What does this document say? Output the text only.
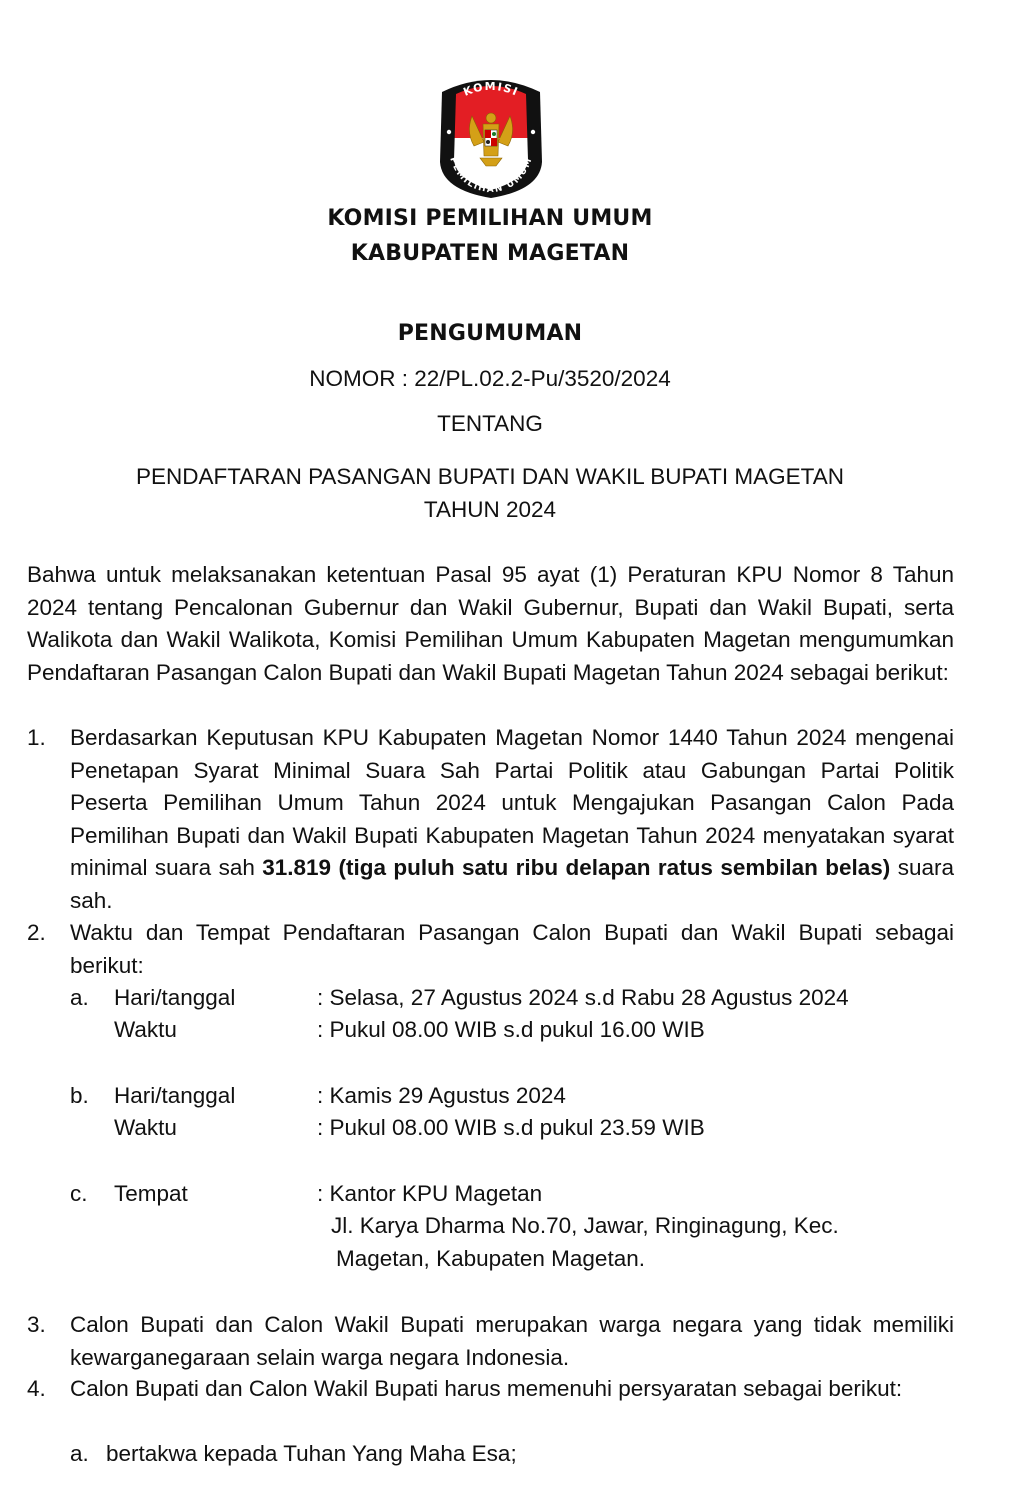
KOMISI
PEMILIHAN UMUM
KOMISI PEMILIHAN UMUM
KABUPATEN MAGETAN
PENGUMUMAN
NOMOR : 22/PL.02.2-Pu/3520/2024
TENTANG
PENDAFTARAN PASANGAN BUPATI DAN WAKIL BUPATI MAGETAN
TAHUN 2024
Bahwa untuk melaksanakan ketentuan Pasal 95 ayat (1) Peraturan KPU Nomor 8 Tahun 2024 tentang Pencalonan Gubernur dan Wakil Gubernur, Bupati dan Wakil Bupati, serta Walikota dan Wakil Walikota, Komisi Pemilihan Umum Kabupaten Magetan mengumumkan Pendaftaran Pasangan Calon Bupati dan Wakil Bupati Magetan Tahun 2024 sebagai berikut:
1. Berdasarkan Keputusan KPU Kabupaten Magetan Nomor 1440 Tahun 2024 mengenai Penetapan Syarat Minimal Suara Sah Partai Politik atau Gabungan Partai Politik Peserta Pemilihan Umum Tahun 2024 untuk Mengajukan Pasangan Calon Pada Pemilihan Bupati dan Wakil Bupati Kabupaten Magetan Tahun 2024 menyatakan syarat minimal suara sah 31.819 (tiga puluh satu ribu delapan ratus sembilan belas) suara sah.
2. Waktu dan Tempat Pendaftaran Pasangan Calon Bupati dan Wakil Bupati sebagai berikut:
a. Hari/tanggal	: Selasa, 27 Agustus 2024 s.d Rabu 28 Agustus 2024
Waktu	: Pukul 08.00 WIB s.d pukul 16.00 WIB
b. Hari/tanggal	: Kamis 29 Agustus 2024
Waktu	: Pukul 08.00 WIB s.d pukul 23.59 WIB
c. Tempat	: Kantor KPU Magetan
Jl. Karya Dharma No.70, Jawar, Ringinagung, Kec.
Magetan, Kabupaten Magetan.
3. Calon Bupati dan Calon Wakil Bupati merupakan warga negara yang tidak memiliki kewarganegaraan selain warga negara Indonesia.
4. Calon Bupati dan Calon Wakil Bupati harus memenuhi persyaratan sebagai berikut:
a. bertakwa kepada Tuhan Yang Maha Esa;
